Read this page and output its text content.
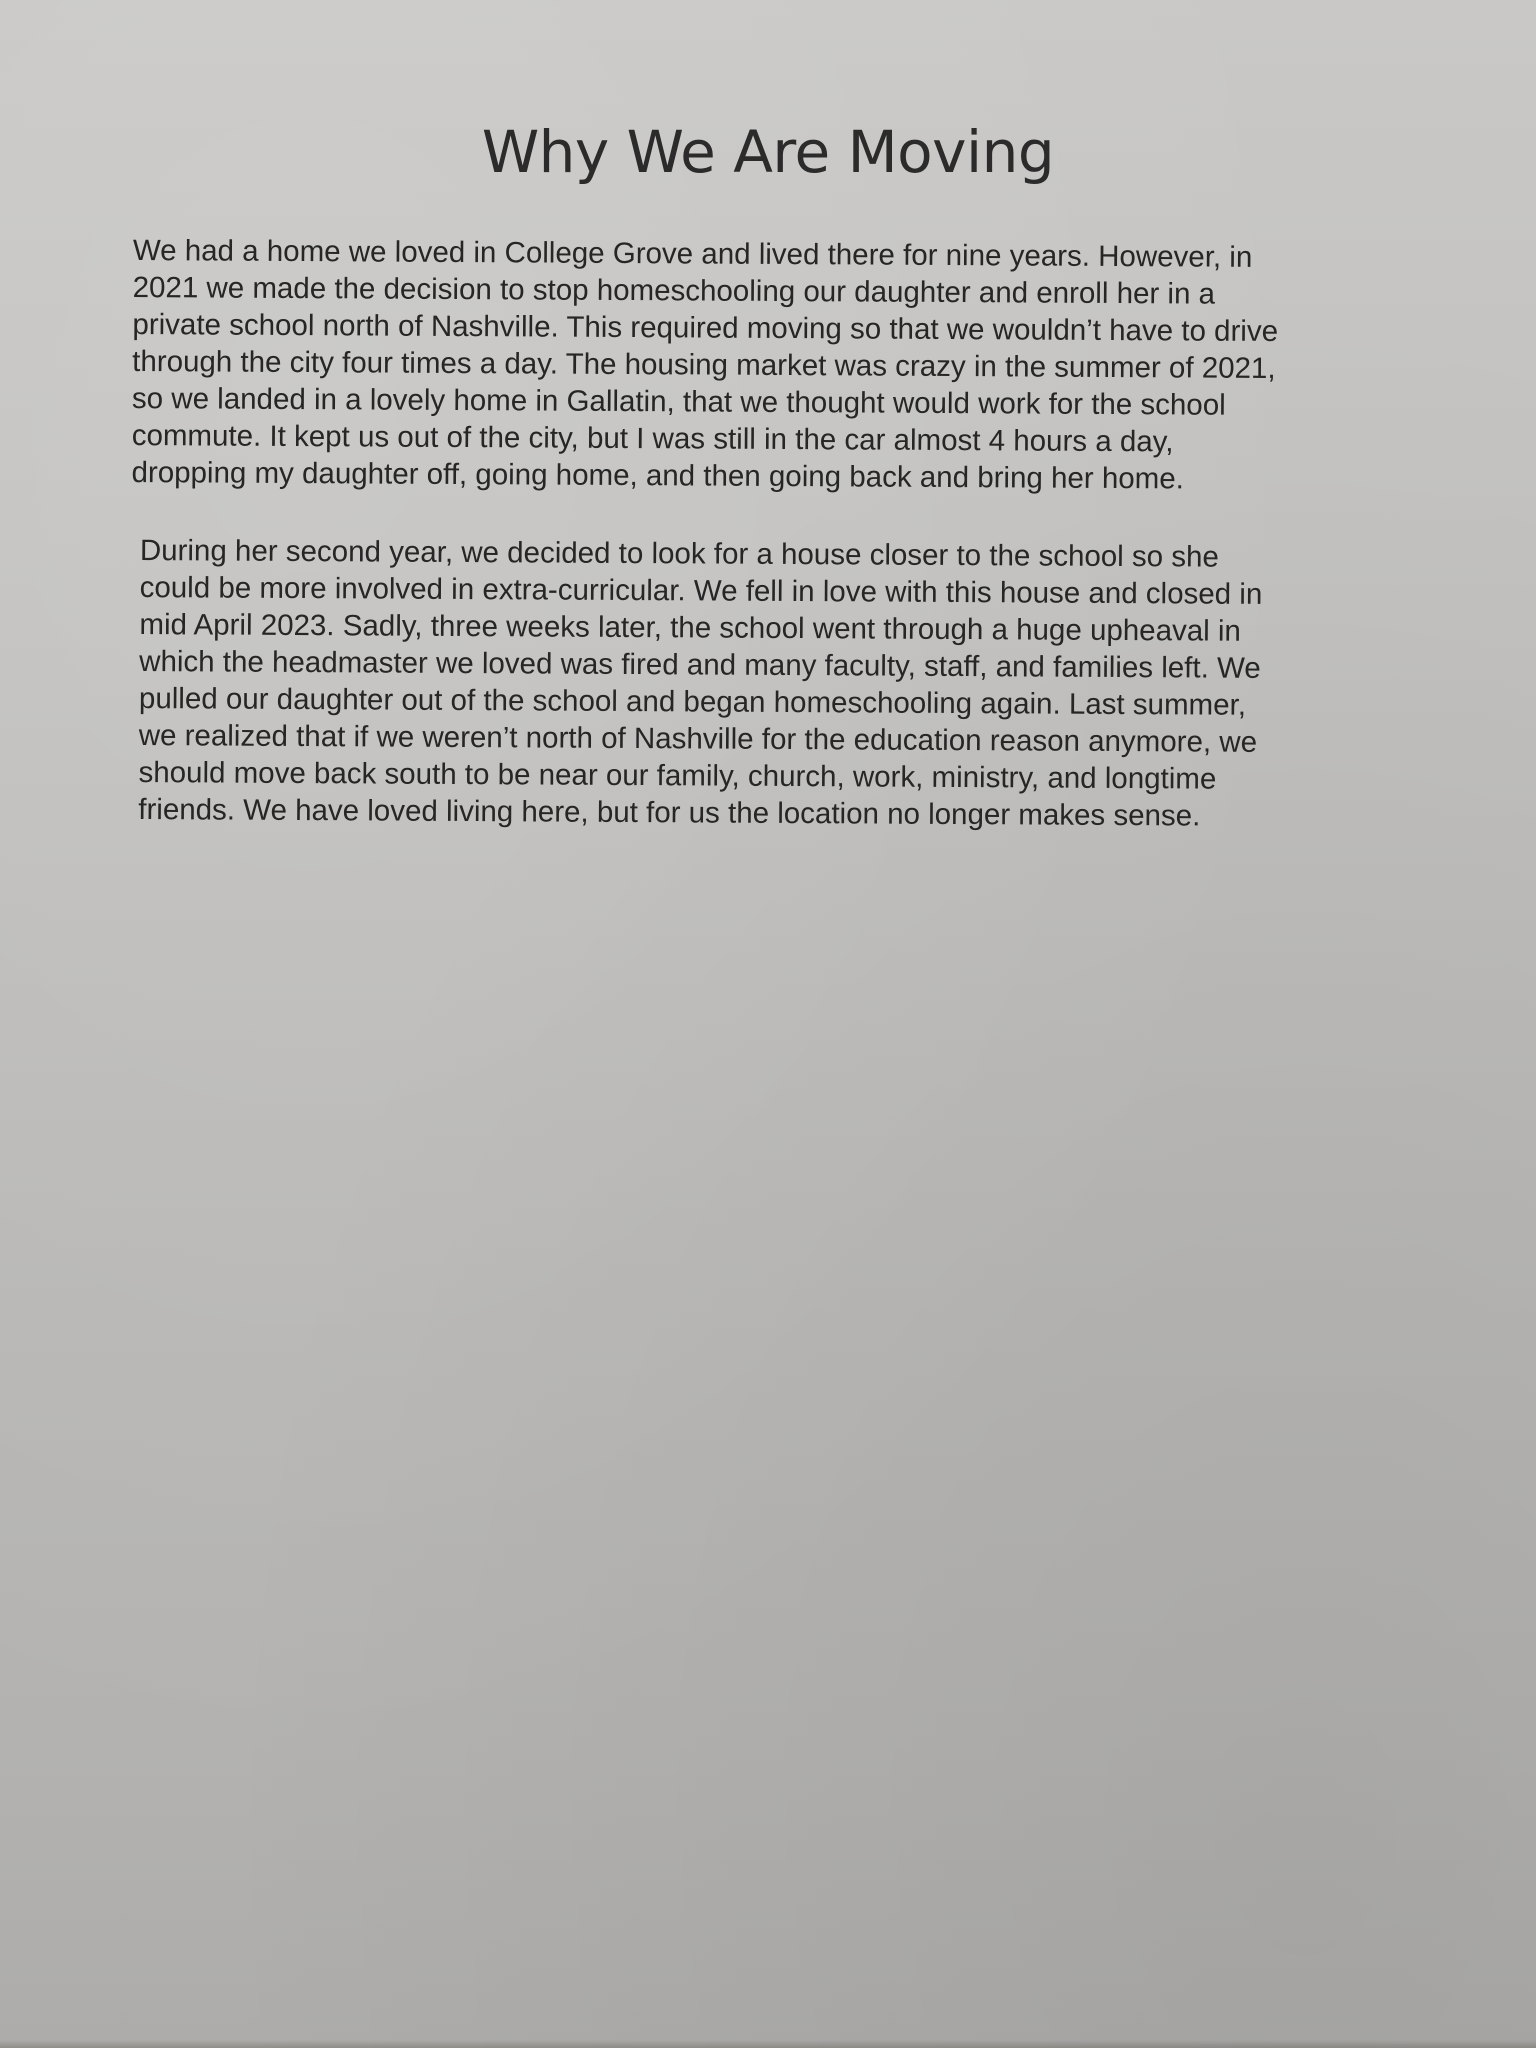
Why We Are Moving

We had a home we loved in College Grove and lived there for nine years. However, in
2021 we made the decision to stop homeschooling our daughter and enroll her in a
private school north of Nashville. This required moving so that we wouldn’t have to drive
through the city four times a day. The housing market was crazy in the summer of 2021,
so we landed in a lovely home in Gallatin, that we thought would work for the school
commute. It kept us out of the city, but I was still in the car almost 4 hours a day,
dropping my daughter off, going home, and then going back and bring her home.

During her second year, we decided to look for a house closer to the school so she
could be more involved in extra-curricular. We fell in love with this house and closed in
mid April 2023. Sadly, three weeks later, the school went through a huge upheaval in
which the headmaster we loved was fired and many faculty, staff, and families left. We
pulled our daughter out of the school and began homeschooling again. Last summer,
we realized that if we weren’t north of Nashville for the education reason anymore, we
should move back south to be near our family, church, work, ministry, and longtime
friends. We have loved living here, but for us the location no longer makes sense.
